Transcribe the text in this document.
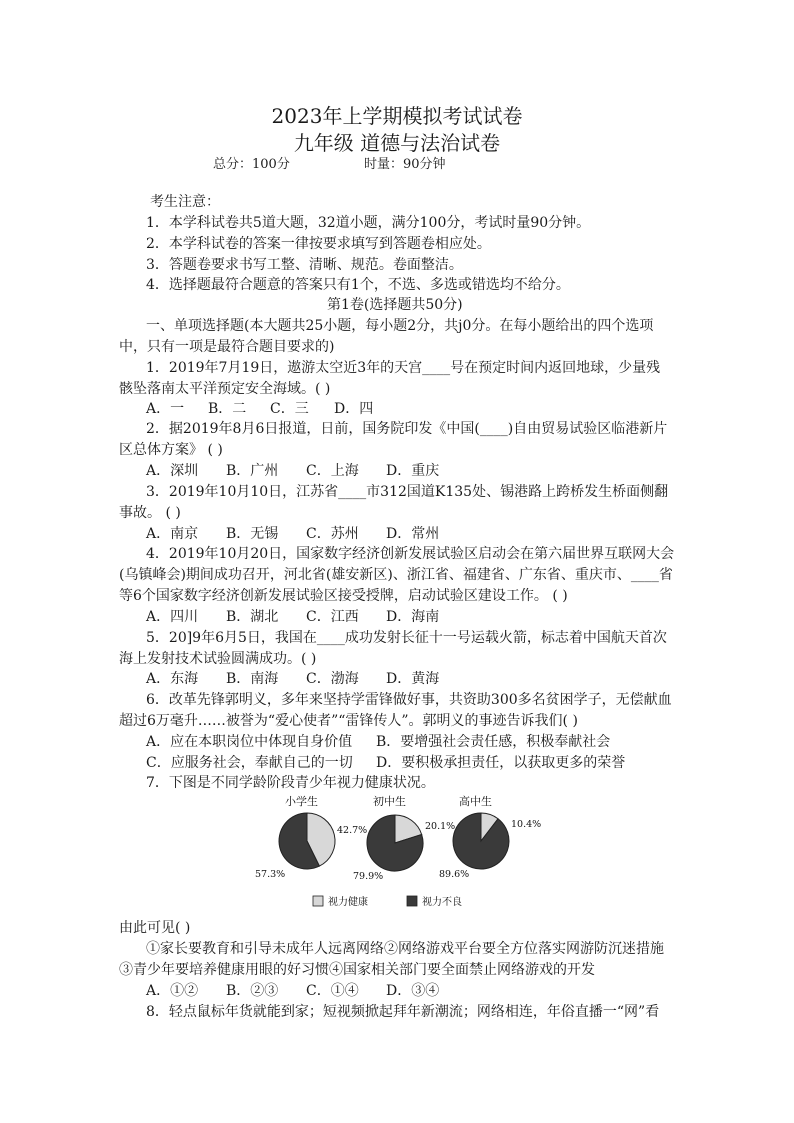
2023年上学期模拟考试试卷
九年级 道德与法治试卷
总分：100分	时量：90分钟
考生注意：
1．本学科试卷共5道大题，32道小题，满分100分，考试时量90分钟。
2．本学科试卷的答案一律按要求填写到答题卷相应处。
3．答题卷要求书写工整、清晰、规范。卷面整洁。
4．选择题最符合题意的答案只有1个，不选、多选或错选均不给分。
第1卷(选择题共50分)
一、单项选择题(本大题共25小题，每小题2分，共j0分。在每小题给出的四个选项
中，只有一项是最符合题目要求的)
1．2019年7月19日，遨游太空近3年的天宫____号在预定时间内返回地球，少量残
骸坠落南太平洋预定安全海域。( )
A．一 B．二 C．三 D．四
2．据2019年8月6日报道，日前，国务院印发《中国(____)自由贸易试验区临港新片
区总体方案》 ( )
A．深圳 B．广州 C．上海 D．重庆
3．2019年10月10日，江苏省____市312国道K135处、锡港路上跨桥发生桥面侧翻
事故。 ( )
A．南京 B．无锡 C．苏州 D．常州
4．2019年10月20日，国家数字经济创新发展试验区启动会在第六届世界互联网大会
(乌镇峰会)期间成功召开，河北省(雄安新区)、浙江省、福建省、广东省、重庆市、____省
等6个国家数字经济创新发展试验区接受授牌，启动试验区建设工作。 ( )
A．四川 B．湖北 C．江西 D．海南
5．20]9年6月5日，我国在____成功发射长征十一号运载火箭，标志着中国航天首次
海上发射技术试验圆满成功。( )
A．东海 B．南海 C．渤海 D．黄海
6．改革先锋郭明义，多年来坚持学雷锋做好事，共资助300多名贫困学子，无偿献血
超过6万毫升……被誉为“爱心使者”“雷锋传人”。郭明义的事迹告诉我们( )
A．应在本职岗位中体现自身价值 B．要增强社会责任感，积极奉献社会
C．应服务社会，奉献自己的一切 D．要积极承担责任，以获取更多的荣誉
7．下图是不同学龄阶段青少年视力健康状况。
小学生
42.7%
57.3%
初中生
20.1%
79.9%
高中生
10.4%
89.6%
视力健康	视力不良
由此可见( )
①家长要教育和引导未成年人远离网络②网络游戏平台要全方位落实网游防沉迷措施
③青少年要培养健康用眼的好习惯④国家相关部门要全面禁止网络游戏的开发
A．①② B．②③ C．①④ D．③④
8．轻点鼠标年货就能到家；短视频掀起拜年新潮流；网络相连，年俗直播一“网”看
